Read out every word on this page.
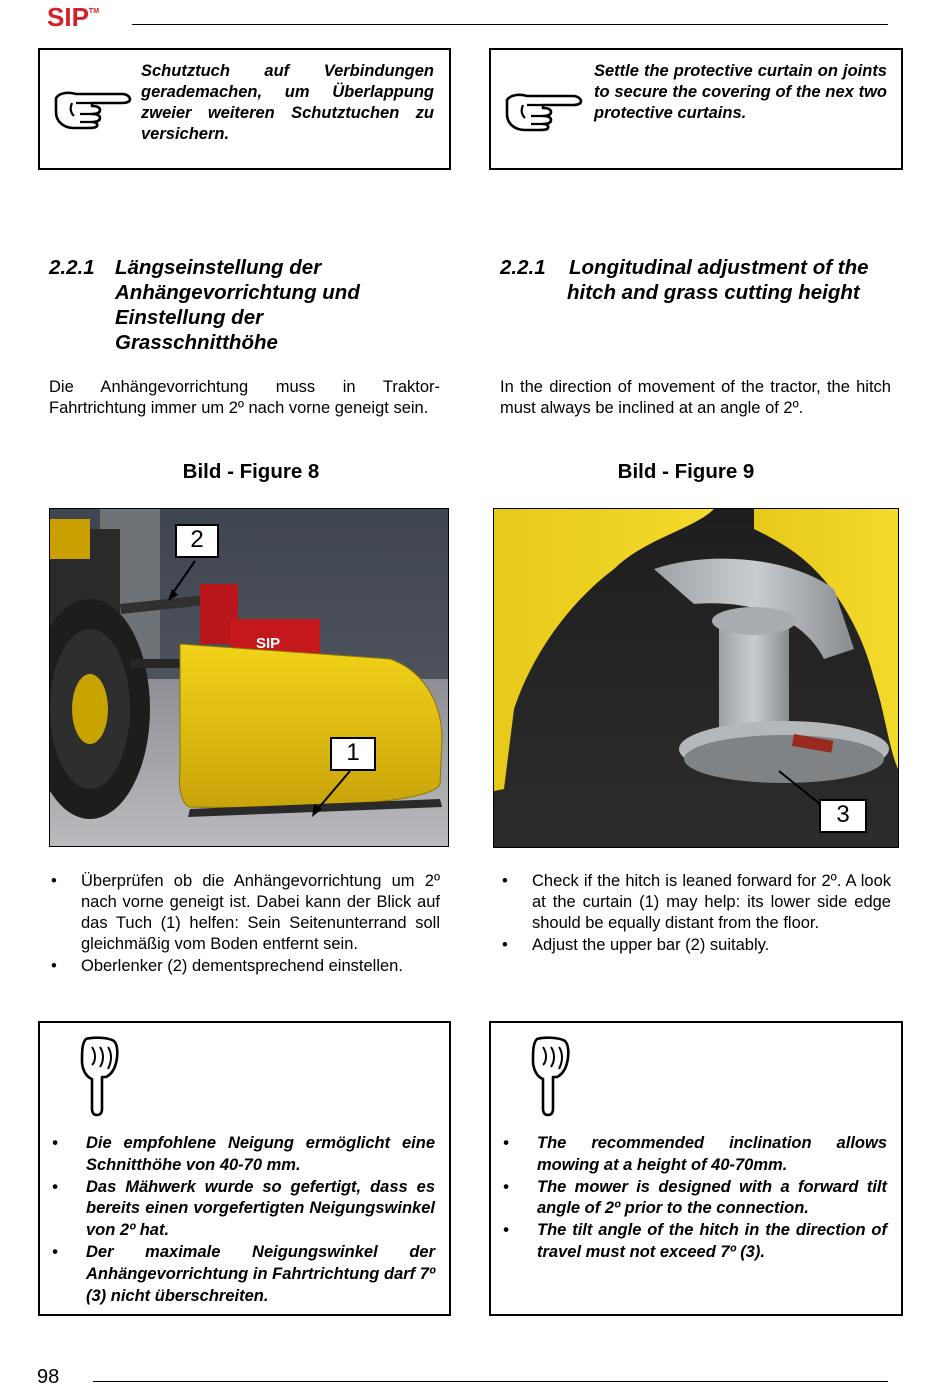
SIP™
Schutztuch auf Verbindungen gerademachen, um Überlappung zweier weiteren Schutztuchen zu versichern.
Settle the protective curtain on joints to secure the covering of the nex two protective curtains.
2.2.1 Längseinstellung der
Anhängevorrichtung und
Einstellung der
Grasschnitthöhe
2.2.1 Longitudinal adjustment of the
hitch and grass cutting height
Die Anhängevorrichtung muss in Traktor-Fahrtrichtung immer um 2º nach vorne geneigt sein.
In the direction of movement of the tractor, the hitch must always be inclined at an angle of 2º.
Bild - Figure 8	Bild - Figure 9
SIP
2
1
3
• Überprüfen ob die Anhängevorrichtung um 2º nach vorne geneigt ist. Dabei kann der Blick auf das Tuch (1) helfen: Sein Seitenunterrand soll gleichmäßig vom Boden entfernt sein.
• Oberlenker (2) dementsprechend einstellen.
• Check if the hitch is leaned forward for 2º. A look at the curtain (1) may help: its lower side edge should be equally distant from the floor.
• Adjust the upper bar (2) suitably.
• Die empfohlene Neigung ermöglicht eine Schnitthöhe von 40-70 mm.
• Das Mähwerk wurde so gefertigt, dass es bereits einen vorgefertigten Neigungswinkel von 2º hat.
• Der maximale Neigungswinkel der Anhängevorrichtung in Fahrtrichtung darf 7º (3) nicht überschreiten.
• The recommended inclination allows mowing at a height of 40-70mm.
• The mower is designed with a forward tilt angle of 2º prior to the connection.
• The tilt angle of the hitch in the direction of travel must not exceed 7º (3).
98
